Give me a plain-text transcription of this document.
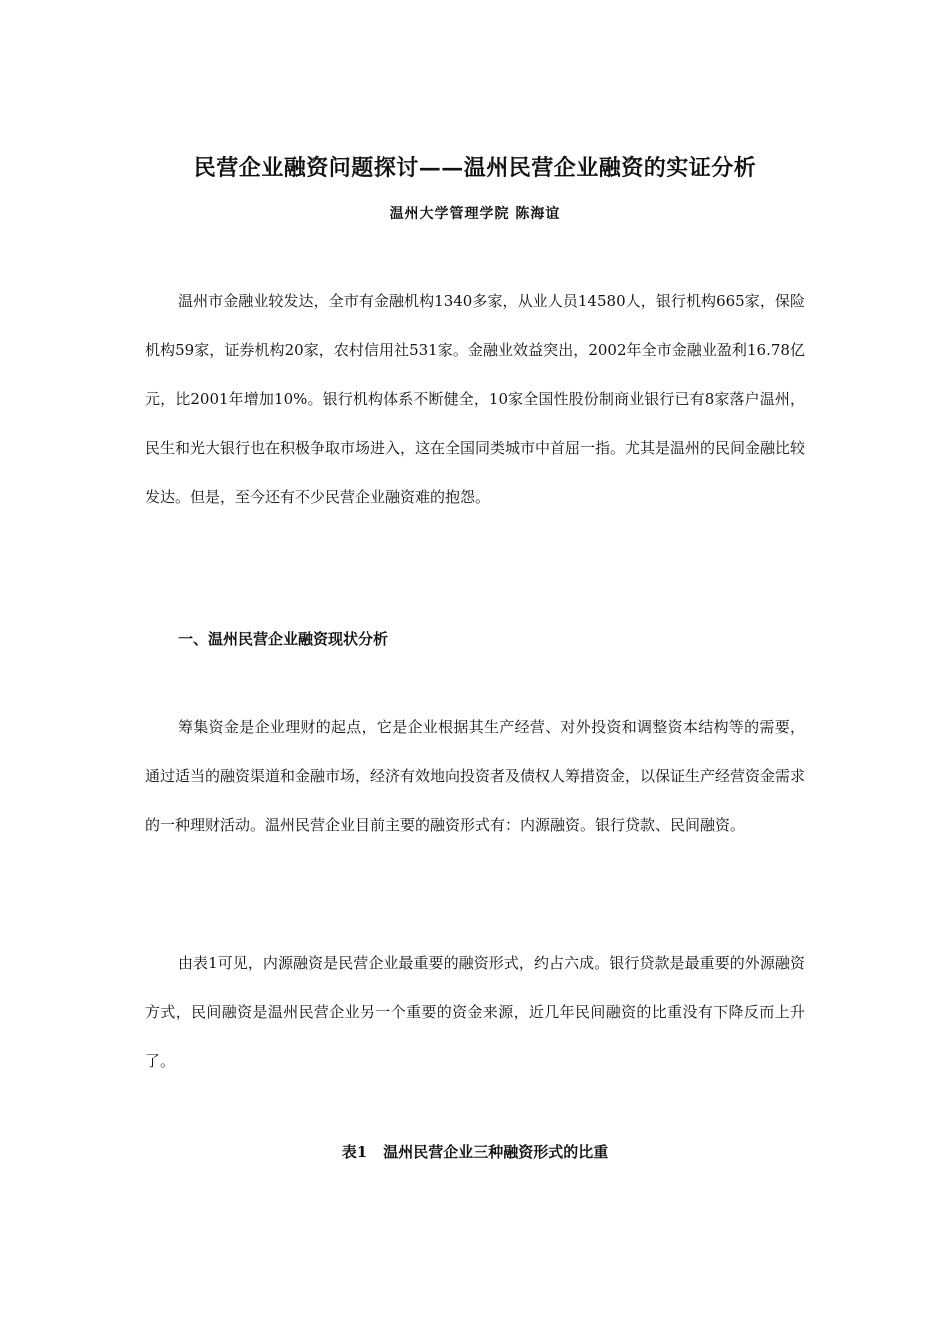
民营企业融资问题探讨——温州民营企业融资的实证分析
温州大学管理学院 陈海谊

温州市金融业较发达，全市有金融机构1340多家，从业人员14580人，银行机构665家，保险机构59家，证券机构20家，农村信用社531家。金融业效益突出，2002年全市金融业盈利16.78亿元，比2001年增加10%。银行机构体系不断健全，10家全国性股份制商业银行已有8家落户温州，民生和光大银行也在积极争取市场进入，这在全国同类城市中首屈一指。尤其是温州的民间金融比较发达。但是，至今还有不少民营企业融资难的抱怨。

一、温州民营企业融资现状分析

筹集资金是企业理财的起点，它是企业根据其生产经营、对外投资和调整资本结构等的需要，通过适当的融资渠道和金融市场，经济有效地向投资者及债权人筹措资金，以保证生产经营资金需求的一种理财活动。温州民营企业目前主要的融资形式有：内源融资。银行贷款、民间融资。

由表1可见，内源融资是民营企业最重要的融资形式，约占六成。银行贷款是最重要的外源融资方式，民间融资是温州民营企业另一个重要的资金来源，近几年民间融资的比重没有下降反而上升了。

表1 温州民营企业三种融资形式的比重
